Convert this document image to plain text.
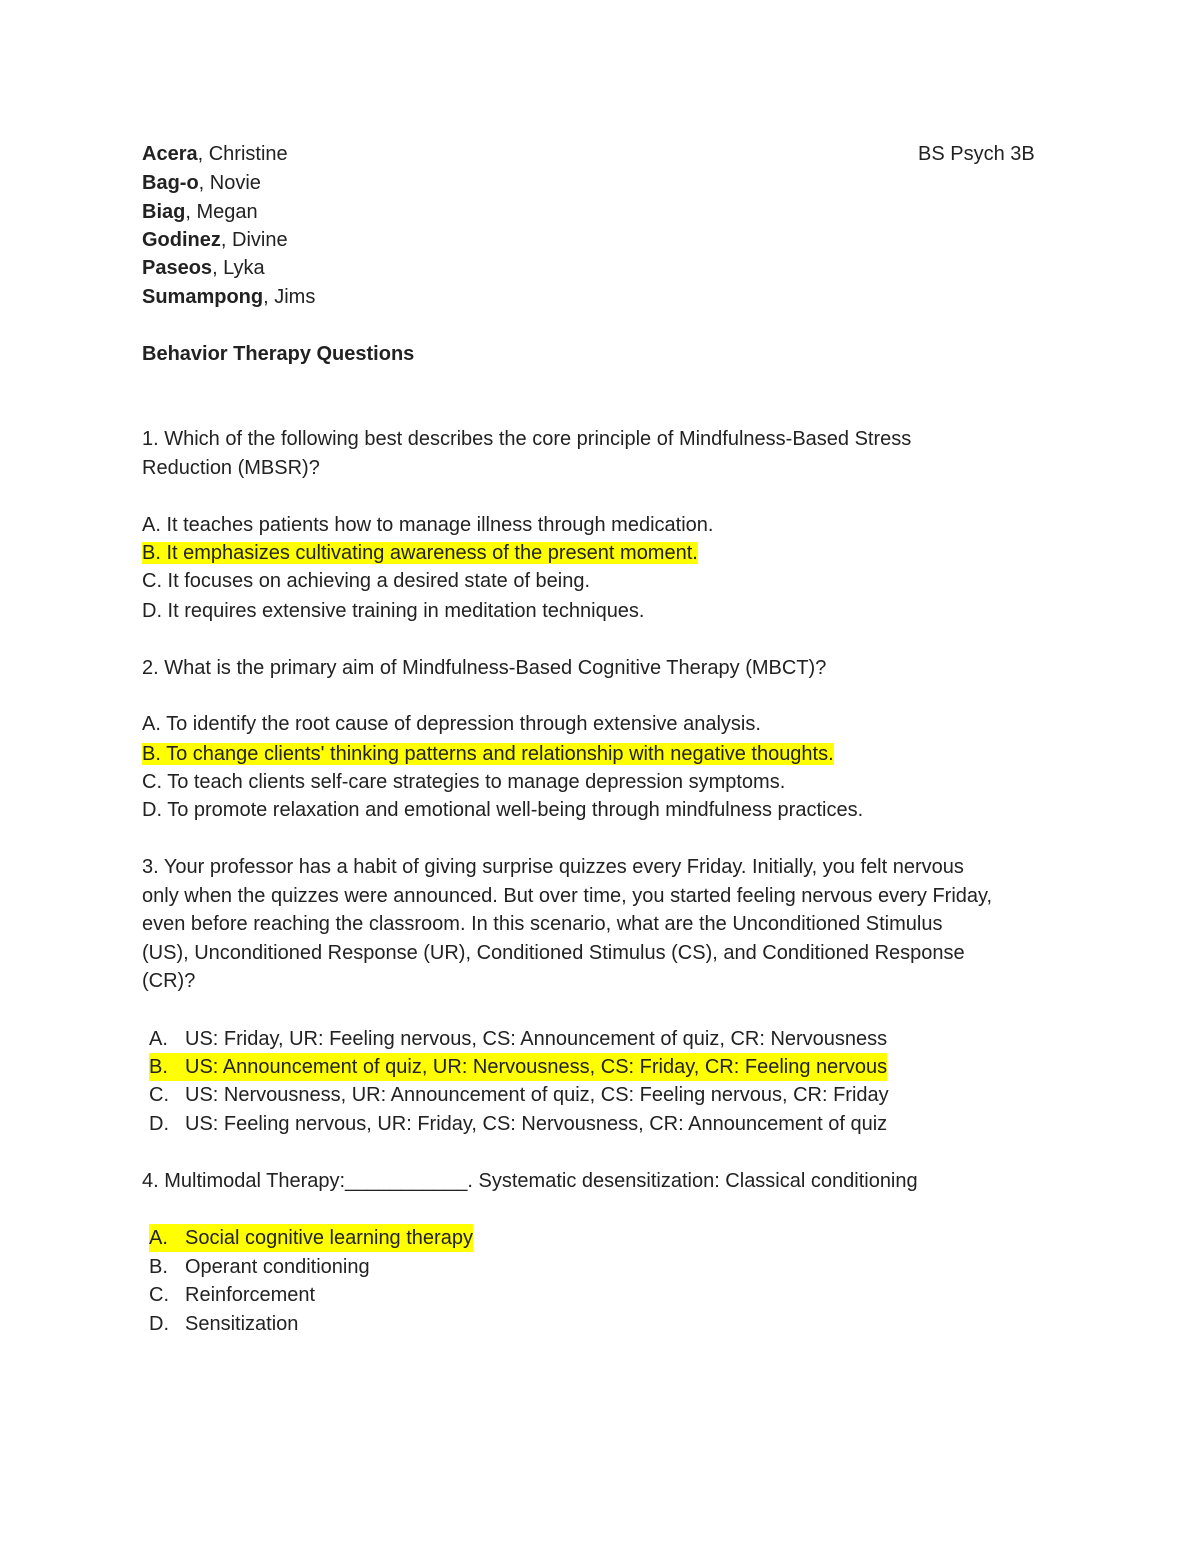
Acera, Christine
Bag-o, Novie
Biag, Megan
Godinez, Divine
Paseos, Lyka
Sumampong, Jims
BS Psych 3B
Behavior Therapy Questions
1. Which of the following best describes the core principle of Mindfulness-Based Stress
Reduction (MBSR)?
A. It teaches patients how to manage illness through medication.
B. It emphasizes cultivating awareness of the present moment.
C. It focuses on achieving a desired state of being.
D. It requires extensive training in meditation techniques.
2. What is the primary aim of Mindfulness-Based Cognitive Therapy (MBCT)?
A. To identify the root cause of depression through extensive analysis.
B. To change clients' thinking patterns and relationship with negative thoughts.
C. To teach clients self-care strategies to manage depression symptoms.
D. To promote relaxation and emotional well-being through mindfulness practices.
3. Your professor has a habit of giving surprise quizzes every Friday. Initially, you felt nervous
only when the quizzes were announced. But over time, you started feeling nervous every Friday,
even before reaching the classroom. In this scenario, what are the Unconditioned Stimulus
(US), Unconditioned Response (UR), Conditioned Stimulus (CS), and Conditioned Response
(CR)?
A. US: Friday, UR: Feeling nervous, CS: Announcement of quiz, CR: Nervousness
B. US: Announcement of quiz, UR: Nervousness, CS: Friday, CR: Feeling nervous
C. US: Nervousness, UR: Announcement of quiz, CS: Feeling nervous, CR: Friday
D. US: Feeling nervous, UR: Friday, CS: Nervousness, CR: Announcement of quiz
4. Multimodal Therapy:___________. Systematic desensitization: Classical conditioning
A. Social cognitive learning therapy
B. Operant conditioning
C. Reinforcement
D. Sensitization
